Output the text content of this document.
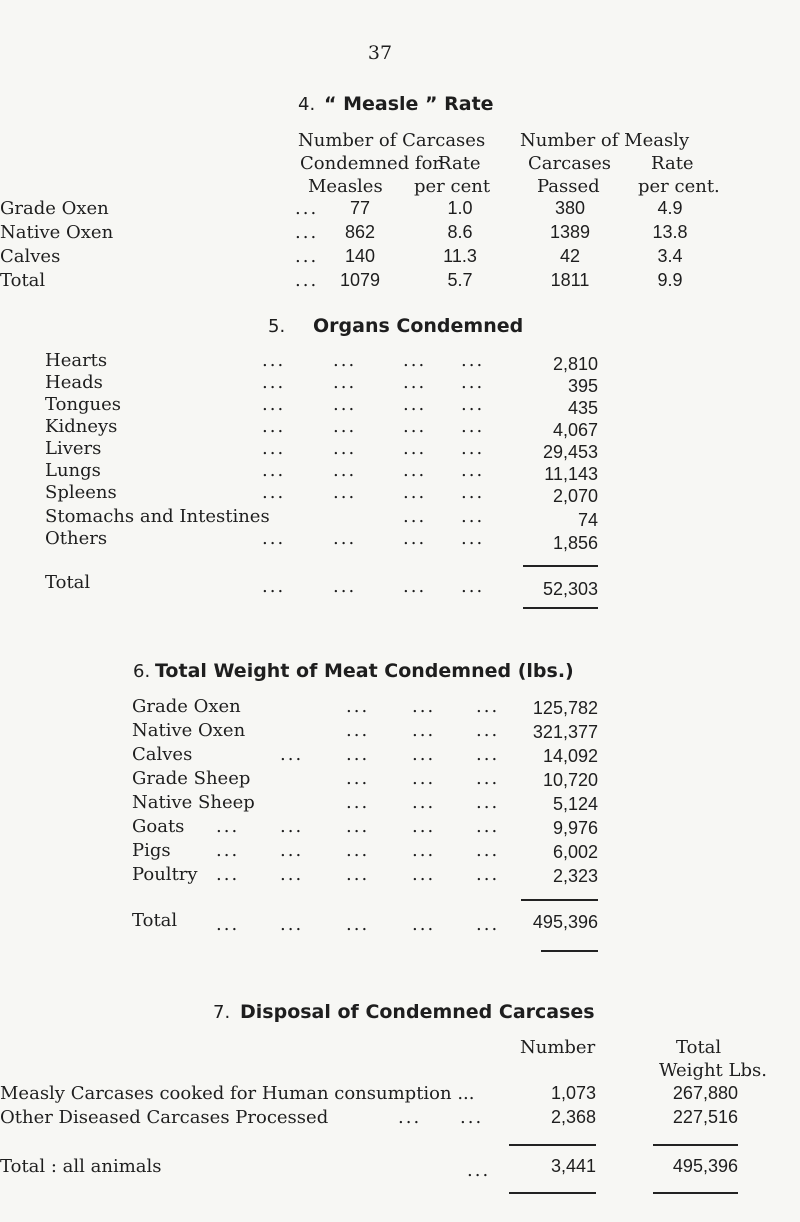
37
4. “ Measle ” Rate
Number of Carcases
Condemned for
Measles
Rate
per cent
Number of Measly
Carcases
Passed
Rate
per cent.
Grade Oxen	...	77	1.0	380	4.9
Native Oxen	...	862	8.6	1389	13.8
Calves	...	140	11.3	42	3.4
Total	...	1079	5.7	1811	9.9
5. Organs Condemned
Hearts	...	...	... ...	2,810
Heads	...	...	... ...	395
Tongues	...	...	... ...	435
Kidneys	...	...	... ...	4,067
Livers	...	...	... ...	29,453
Lungs	...	...	... ...	11,143
Spleens	...	...	... ...	2,070
Stomachs and Intestines	... ...	74
Others	...	...	... ...	1,856
Total	...	...	... ...	52,303
6. Total Weight of Meat Condemned (lbs.)
Grade Oxen	... ... ...	125,782
Native Oxen	... ... ...	321,377
Calves	... ... ... ...	14,092
Grade Sheep	... ... ...	10,720
Native Sheep	... ... ...	5,124
Goats ... ... ... ... ...	9,976
Pigs	... ... ... ... ...	6,002
Poultry ... ... ... ... ...	2,323
Total ... ... ... ... ...	495,396
7. Disposal of Condemned Carcases
Number	Total
Weight Lbs.
Measly Carcases cooked for Human consumption ...	1,073	267,880
Other Diseased Carcases Processed	... ...	2,368	227,516
Total : all animals	...	3,441	495,396
